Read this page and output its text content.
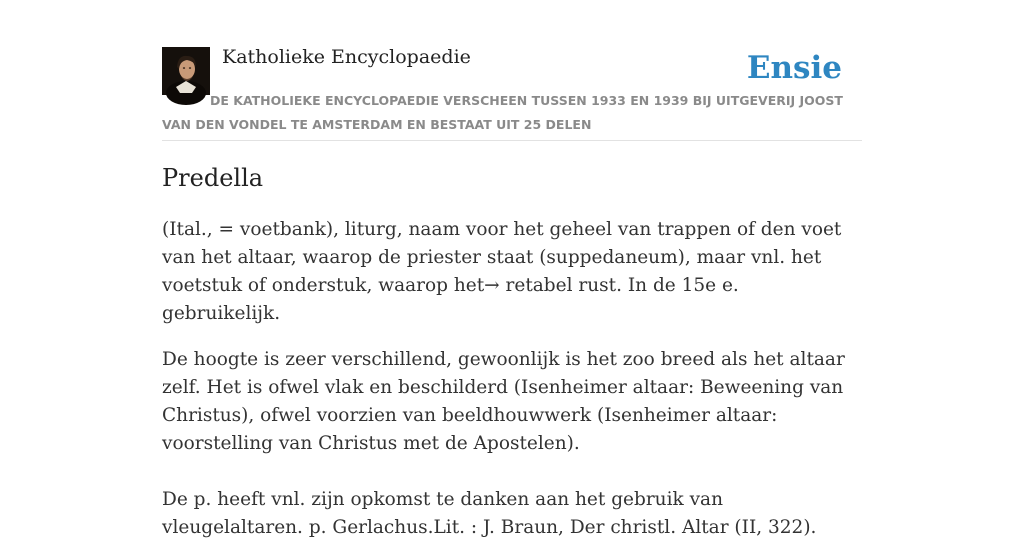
Katholieke Encyclopaedie	Ensie

DE KATHOLIEKE ENCYCLOPAEDIE VERSCHEEN TUSSEN 1933 EN 1939 BIJ UITGEVERIJ JOOST VAN DEN VONDEL TE AMSTERDAM EN BESTAAT UIT 25 DELEN

Predella

(Ital., = voetbank), liturg, naam voor het geheel van trappen of den voet van het altaar, waarop de priester staat (suppedaneum), maar vnl. het voetstuk of onderstuk, waarop het→ retabel rust. In de 15e e. gebruikelijk.

De hoogte is zeer verschillend, gewoonlijk is het zoo breed als het altaar zelf. Het is ofwel vlak en beschilderd (Isenheimer altaar: Beweening van Christus), ofwel voorzien van beeldhouwwerk (Isenheimer altaar: voorstelling van Christus met de Apostelen).

De p. heeft vnl. zijn opkomst te danken aan het gebruik van vleugelaltaren. p. Gerlachus.Lit. : J. Braun, Der christl. Altar (II, 322).
